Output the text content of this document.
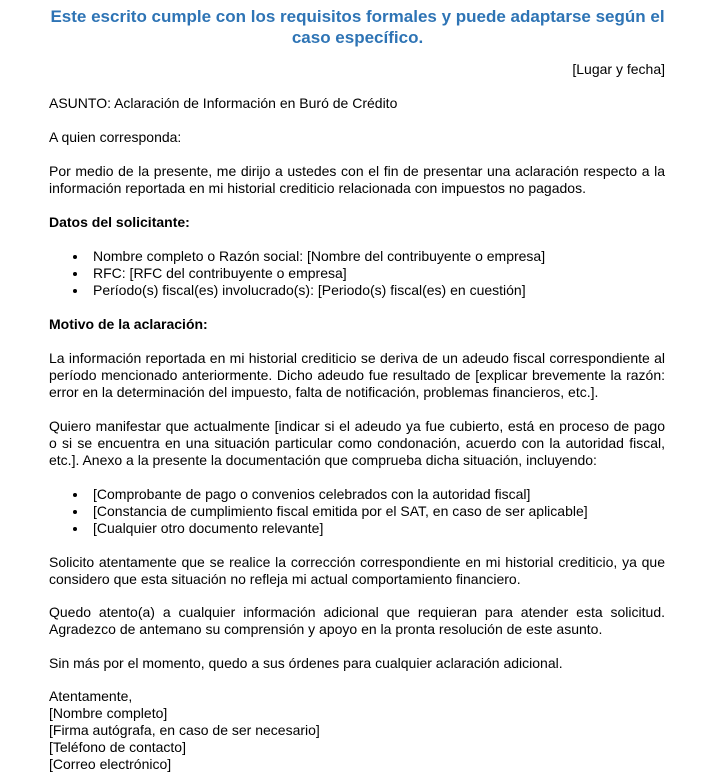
Este escrito cumple con los requisitos formales y puede adaptarse según el caso específico.
[Lugar y fecha]
ASUNTO: Aclaración de Información en Buró de Crédito
A quien corresponda:
Por medio de la presente, me dirijo a ustedes con el fin de presentar una aclaración respecto a la información reportada en mi historial crediticio relacionada con impuestos no pagados.
Datos del solicitante:
Nombre completo o Razón social: [Nombre del contribuyente o empresa]
RFC: [RFC del contribuyente o empresa]
Período(s) fiscal(es) involucrado(s): [Periodo(s) fiscal(es) en cuestión]
Motivo de la aclaración:
La información reportada en mi historial crediticio se deriva de un adeudo fiscal correspondiente al período mencionado anteriormente. Dicho adeudo fue resultado de [explicar brevemente la razón: error en la determinación del impuesto, falta de notificación, problemas financieros, etc.].
Quiero manifestar que actualmente [indicar si el adeudo ya fue cubierto, está en proceso de pago o si se encuentra en una situación particular como condonación, acuerdo con la autoridad fiscal, etc.]. Anexo a la presente la documentación que comprueba dicha situación, incluyendo:
[Comprobante de pago o convenios celebrados con la autoridad fiscal]
[Constancia de cumplimiento fiscal emitida por el SAT, en caso de ser aplicable]
[Cualquier otro documento relevante]
Solicito atentamente que se realice la corrección correspondiente en mi historial crediticio, ya que considero que esta situación no refleja mi actual comportamiento financiero.
Quedo atento(a) a cualquier información adicional que requieran para atender esta solicitud. Agradezco de antemano su comprensión y apoyo en la pronta resolución de este asunto.
Sin más por el momento, quedo a sus órdenes para cualquier aclaración adicional.
Atentamente,
[Nombre completo]
[Firma autógrafa, en caso de ser necesario]
[Teléfono de contacto]
[Correo electrónico]
